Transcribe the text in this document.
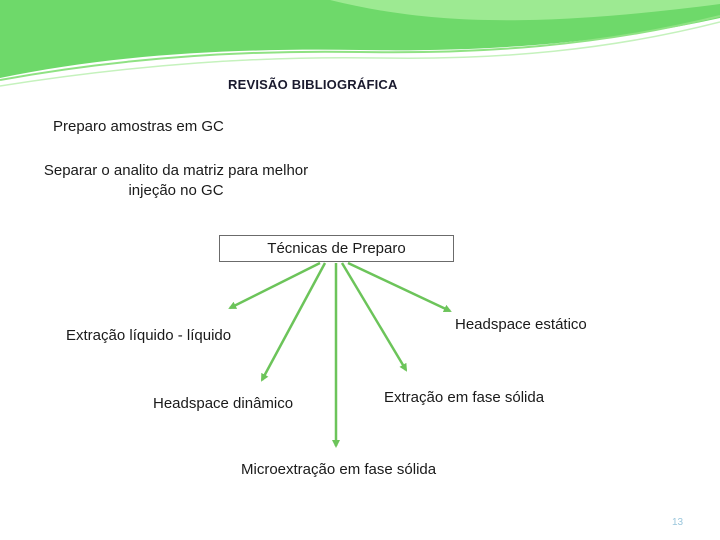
REVISÃO BIBLIOGRÁFICA
Preparo amostras em GC
Separar o analito da matriz para melhor
injeção no GC
Técnicas de Preparo
Extração líquido - líquido
Headspace dinâmico
Microextração em fase sólida
Extração em fase sólida
Headspace estático
13
